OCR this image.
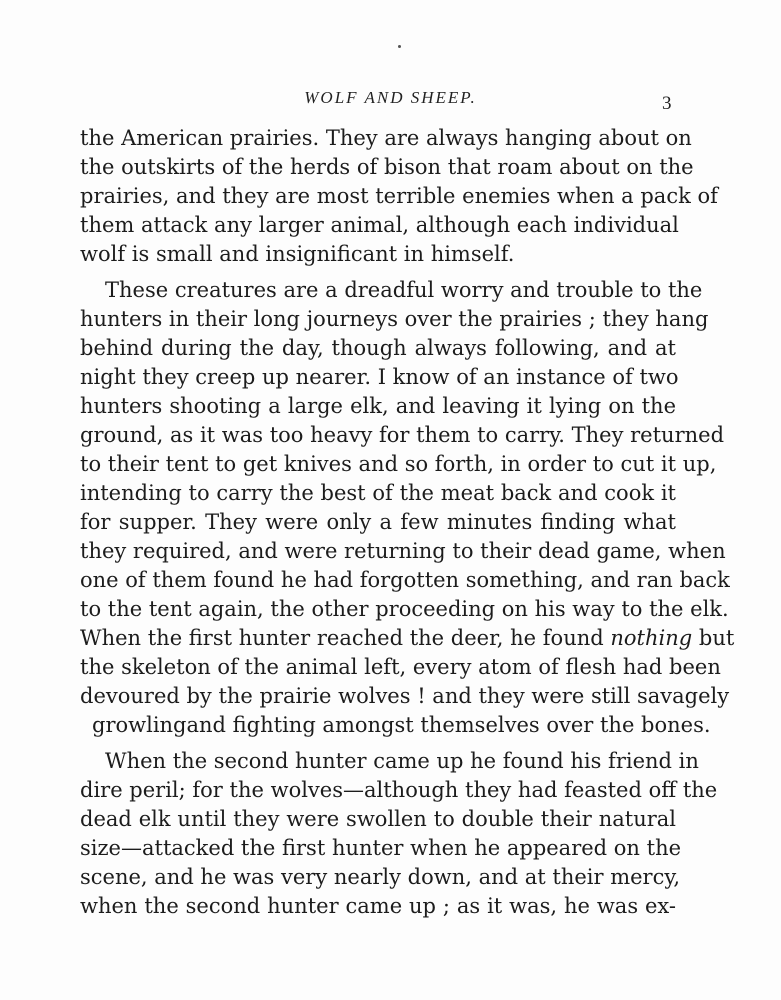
WOLF AND SHEEP.	3
the American prairies. They are always hanging about on
the outskirts of the herds of bison that roam about on the
prairies, and they are most terrible enemies when a pack of
them attack any larger animal, although each individual
wolf is small and insignificant in himself.
These creatures are a dreadful worry and trouble to the
hunters in their long journeys over the prairies ; they hang
behind during the day, though always following, and at
night they creep up nearer. I know of an instance of two
hunters shooting a large elk, and leaving it lying on the
ground, as it was too heavy for them to carry. They returned
to their tent to get knives and so forth, in order to cut it up,
intending to carry the best of the meat back and cook it
for supper. They were only a few minutes finding what
they required, and were returning to their dead game, when
one of them found he had forgotten something, and ran back
to the tent again, the other proceeding on his way to the elk.
When the first hunter reached the deer, he found nothing but
the skeleton of the animal left, every atom of flesh had been
devoured by the prairie wolves ! and they were still savagely
growlingand fighting amongst themselves over the bones.
When the second hunter came up he found his friend in
dire peril; for the wolves—although they had feasted off the
dead elk until they were swollen to double their natural
size—attacked the first hunter when he appeared on the
scene, and he was very nearly down, and at their mercy,
when the second hunter came up ; as it was, he was ex-
